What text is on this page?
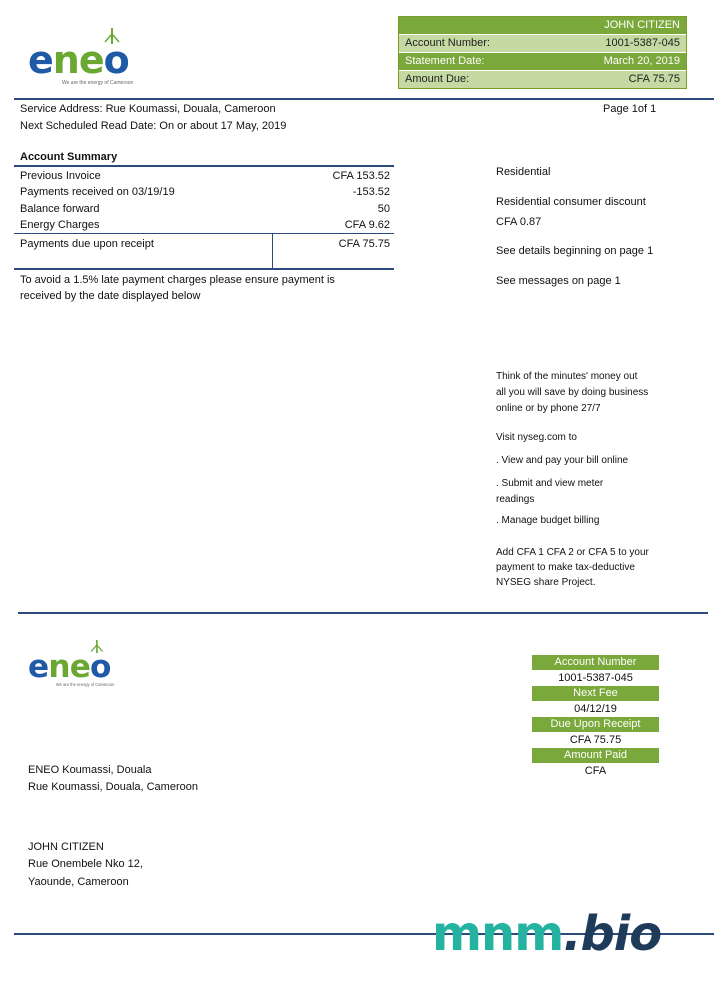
eneo
We are the energy of Cameroon
JOHN CITIZEN
Account Number:	1001-5387-045
Statement Date:	March 20, 2019
Amount Due:	CFA 75.75
Service Address: Rue Koumassi, Douala, Cameroon
Next Scheduled Read Date: On or about 17 May, 2019
Page 1of 1
Account Summary
Previous Invoice	CFA 153.52
Payments received on 03/19/19	-153.52
Balance forward	50
Energy Charges	CFA 9.62
Payments due upon receipt	CFA 75.75
To avoid a 1.5% late payment charges please ensure payment is
received by the date displayed below
Residential
Residential consumer discount
CFA 0.87
See details beginning on page 1
See messages on page 1
Think of the minutes' money out
all you will save by doing business
online or by phone 27/7
Visit nyseg.com to
. View and pay your bill online
. Submit and view meter
readings
. Manage budget billing
Add CFA 1 CFA 2 or CFA 5 to your
payment to make tax-deductive
NYSEG share Project.
eneo
We are the energy of Cameroon
Account Number
1001-5387-045
Next Fee
04/12/19
Due Upon Receipt
CFA 75.75
Amount Paid
CFA
ENEO Koumassi, Douala
Rue Koumassi, Douala, Cameroon
JOHN CITIZEN
Rue Onembele Nko 12,
Yaounde, Cameroon
mnm.bio
